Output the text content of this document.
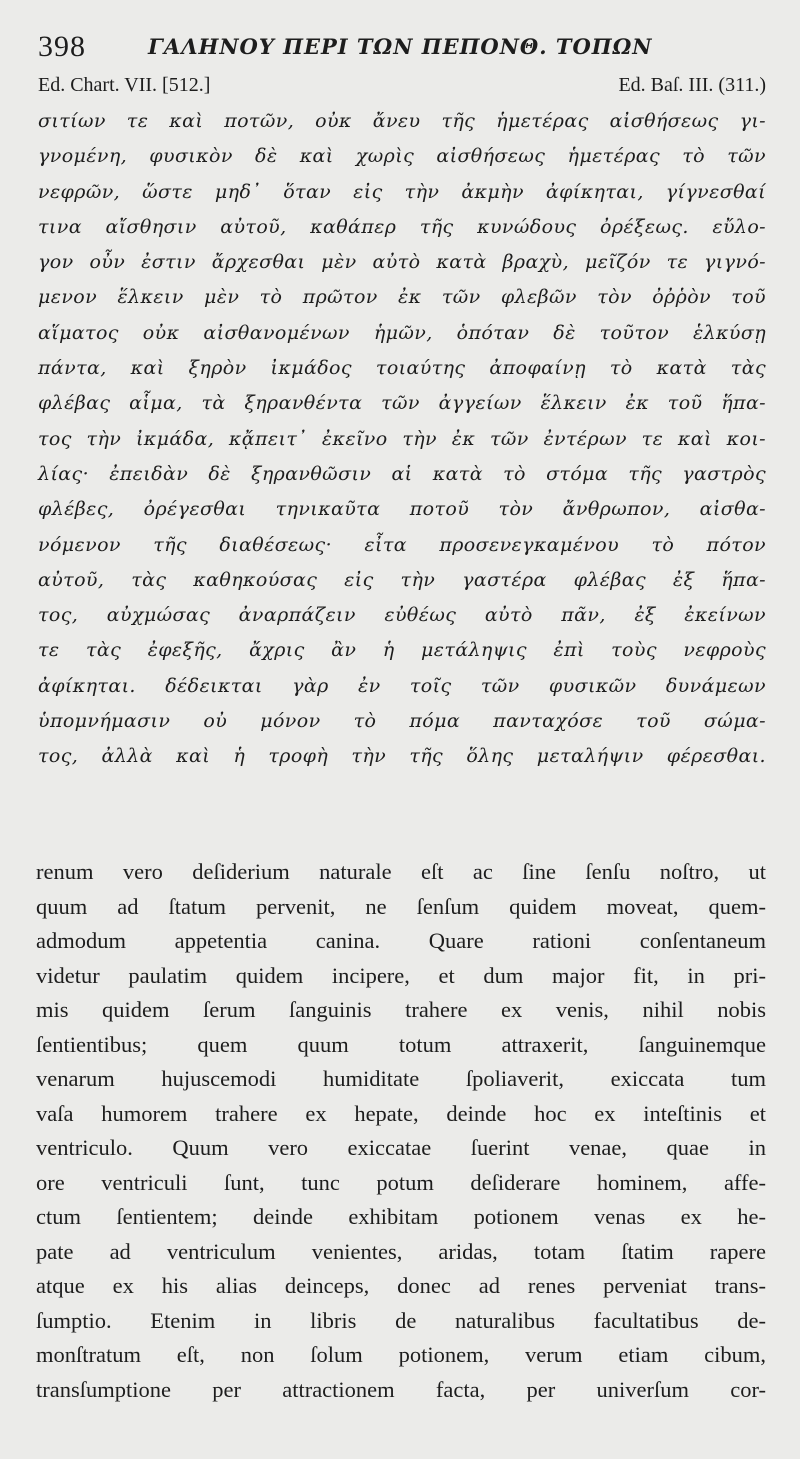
398	ΓΑΛΗΝΟΥ ΠΕΡΙ ΤΩΝ ΠΕΠΟΝΘ. ΤΟΠΩΝ
Ed. Chart. VII. [512.]	Ed. Baſ. III. (311.)
σιτίων τε καὶ ποτῶν, οὐκ ἄνευ τῆς ἡμετέρας αἰσθήσεως γι-
γνομένη, φυσικὸν δὲ καὶ χωρὶς αἰσθήσεως ἡμετέρας τὸ τῶν
νεφρῶν, ὥστε μηδ᾽ ὅταν εἰς τὴν ἀκμὴν ἀφίκηται, γίγνεσθαί
τινα αἴσθησιν αὐτοῦ, καθάπερ τῆς κυνώδους ὀρέξεως. εὔλο-
γον οὖν ἐστιν ἄρχεσθαι μὲν αὐτὸ κατὰ βραχὺ, μεῖζόν τε γιγνό-
μενον ἕλκειν μὲν τὸ πρῶτον ἐκ τῶν φλεβῶν τὸν ὀῤῥὸν τοῦ
αἵματος οὐκ αἰσθανομένων ἡμῶν, ὁπόταν δὲ τοῦτον ἑλκύσῃ
πάντα, καὶ ξηρὸν ἰκμάδος τοιαύτης ἀποφαίνῃ τὸ κατὰ τὰς
φλέβας αἷμα, τὰ ξηρανθέντα τῶν ἀγγείων ἕλκειν ἐκ τοῦ ἥπα-
τος τὴν ἰκμάδα, κᾄπειτ᾽ ἐκεῖνο τὴν ἐκ τῶν ἐντέρων τε καὶ κοι-
λίας· ἐπειδὰν δὲ ξηρανθῶσιν αἱ κατὰ τὸ στόμα τῆς γαστρὸς
φλέβες, ὀρέγεσθαι τηνικαῦτα ποτοῦ τὸν ἄνθρωπον, αἰσθα-
νόμενον τῆς διαθέσεως· εἶτα προσενεγκαμένου τὸ πότον
αὐτοῦ, τὰς καθηκούσας εἰς τὴν γαστέρα φλέβας ἐξ ἥπα-
τος, αὐχμώσας ἀναρπάζειν εὐθέως αὐτὸ πᾶν, ἐξ ἐκείνων
τε τὰς ἐφεξῆς, ἄχρις ἂν ἡ μετάληψις ἐπὶ τοὺς νεφροὺς
ἀφίκηται. δέδεικται γὰρ ἐν τοῖς τῶν φυσικῶν δυνάμεων
ὑπομνήμασιν οὐ μόνον τὸ πόμα πανταχόσε τοῦ σώμα-
τος, ἀλλὰ καὶ ἡ τροφὴ τὴν τῆς ὅλης μεταλήψιν φέρεσθαι.
renum vero deſiderium naturale eſt ac ſine ſenſu noſtro, ut
quum ad ſtatum pervenit, ne ſenſum quidem moveat, quem-
admodum appetentia canina. Quare rationi conſentaneum
videtur paulatim quidem incipere, et dum major fit, in pri-
mis quidem ſerum ſanguinis trahere ex venis, nihil nobis
ſentientibus; quem quum totum attraxerit, ſanguinemque
venarum hujuscemodi humiditate ſpoliaverit, exiccata tum
vaſa humorem trahere ex hepate, deinde hoc ex inteſtinis et
ventriculo. Quum vero exiccatae ſuerint venae, quae in
ore ventriculi ſunt, tunc potum deſiderare hominem, affe-
ctum ſentientem; deinde exhibitam potionem venas ex he-
pate ad ventriculum venientes, aridas, totam ſtatim rapere
atque ex his alias deinceps, donec ad renes perveniat trans-
ſumptio. Etenim in libris de naturalibus facultatibus de-
monſtratum eſt, non ſolum potionem, verum etiam cibum,
transſumptione per attractionem facta, per univerſum cor-
